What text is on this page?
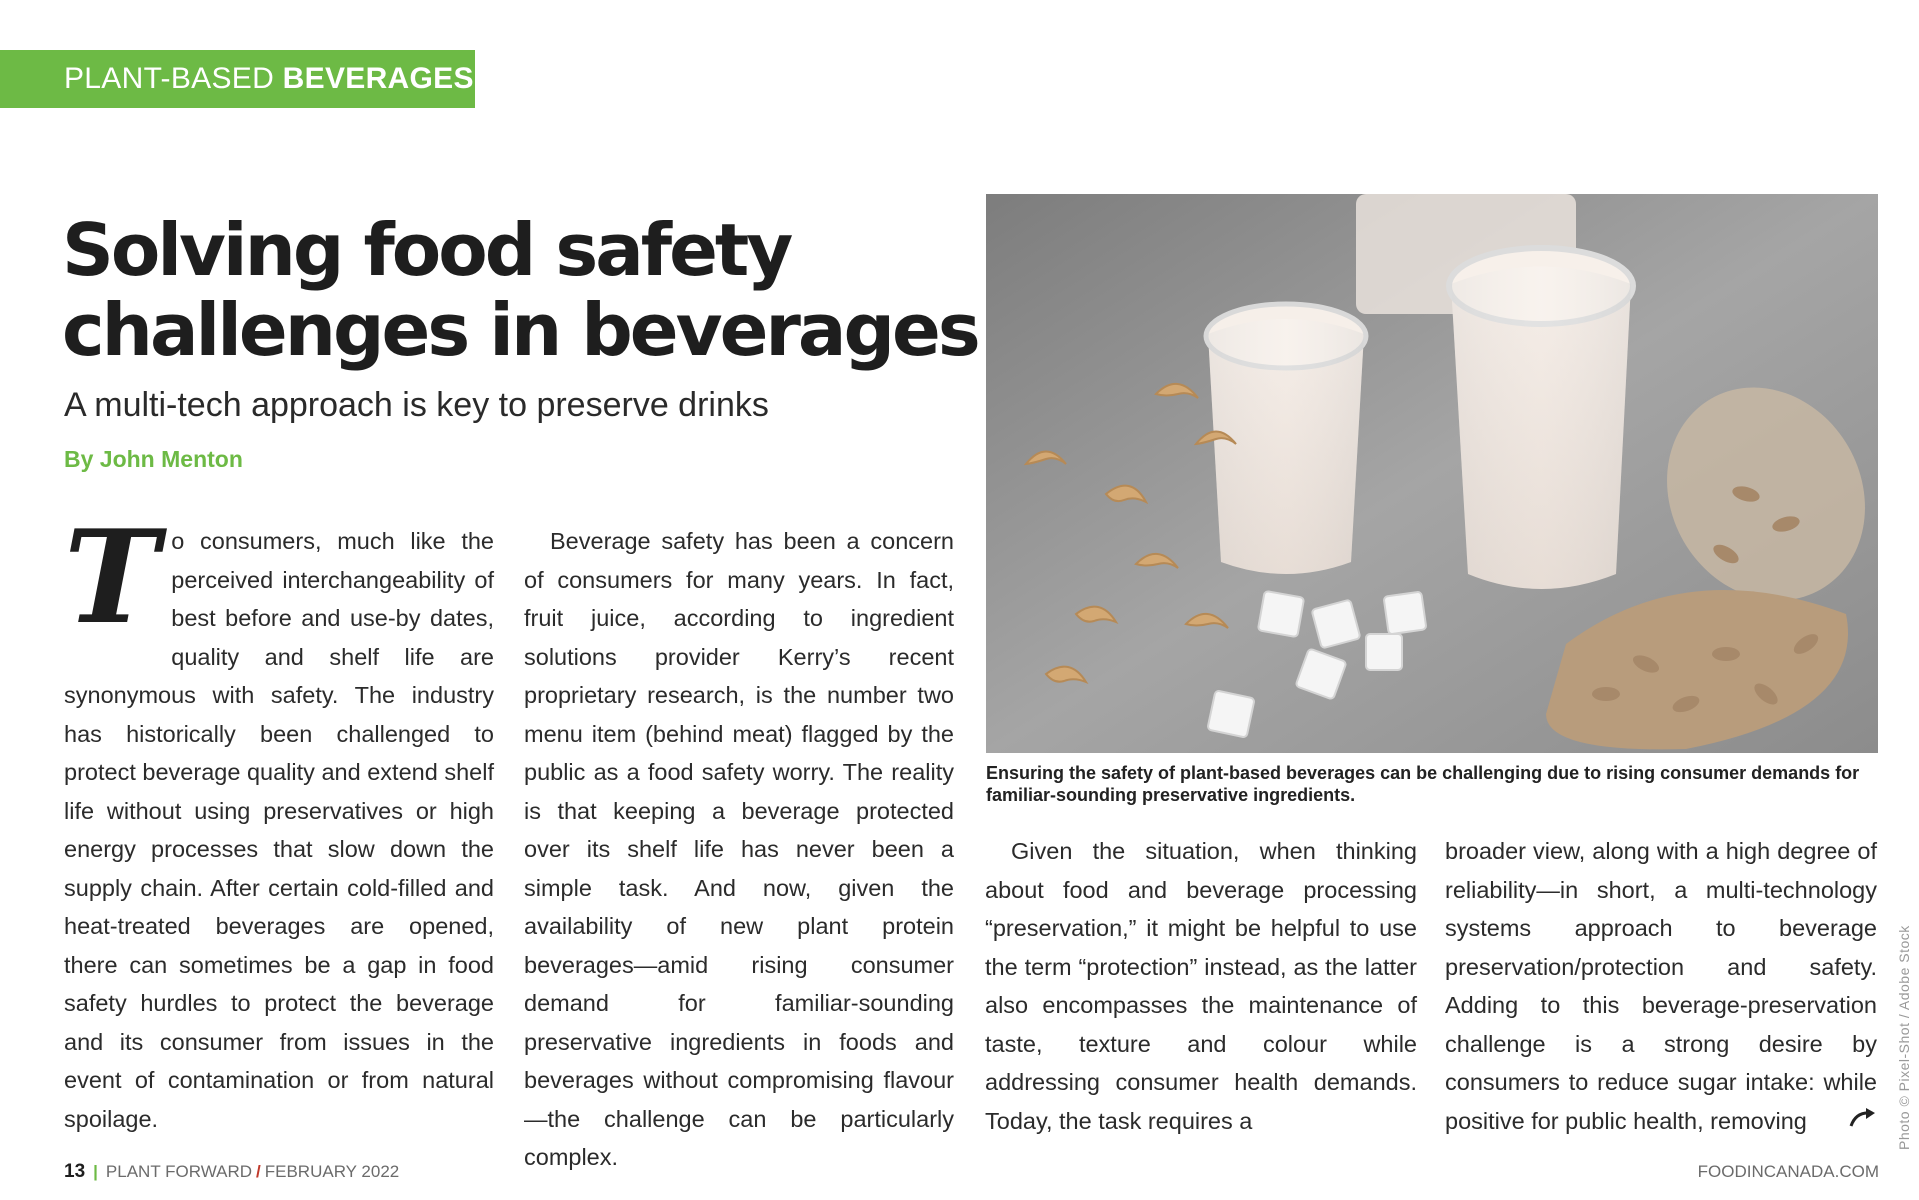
PLANT-BASED BEVERAGES
Solving food safety
challenges in beverages
A multi-tech approach is key to preserve drinks
By John Menton
T o consumers, much like the perceived interchangeability of best before and use-by dates, quality and shelf life are synonymous with safety. The industry has historically been challenged to protect beverage quality and extend shelf life without using preservatives or high energy processes that slow down the supply chain. After certain cold-filled and heat-treated beverages are opened, there can sometimes be a gap in food safety hurdles to protect the beverage and its consumer from issues in the event of contamination or from natural spoilage.

Beverage safety has been a concern of consumers for many years. In fact, fruit juice, according to ingredient solutions provider Kerry’s recent proprietary research, is the number two menu item (behind meat) flagged by the public as a food safety worry. The reality is that keeping a beverage protected over its shelf life has never been a simple task. And now, given the availability of new plant protein beverages—amid rising consumer demand for familiar-sounding preservative ingredients in foods and beverages without compromising flavour—the challenge can be particularly complex.

Ensuring the safety of plant-based beverages can be challenging due to rising consumer demands for familiar-sounding preservative ingredients.

Given the situation, when thinking about food and beverage processing “preservation,” it might be helpful to use the term “protection” instead, as the latter also encompasses the maintenance of taste, texture and colour while addressing consumer health demands. Today, the task requires a

broader view, along with a high degree of reliability—in short, a multi-technology systems approach to beverage preservation/protection and safety. Adding to this beverage-preservation challenge is a strong desire by consumers to reduce sugar intake: while positive for public health, removing	Photo © Pixel-Shot / Adobe Stock
13 | PLANT FORWARD / FEBRUARY 2022	FOODINCANADA.COM
